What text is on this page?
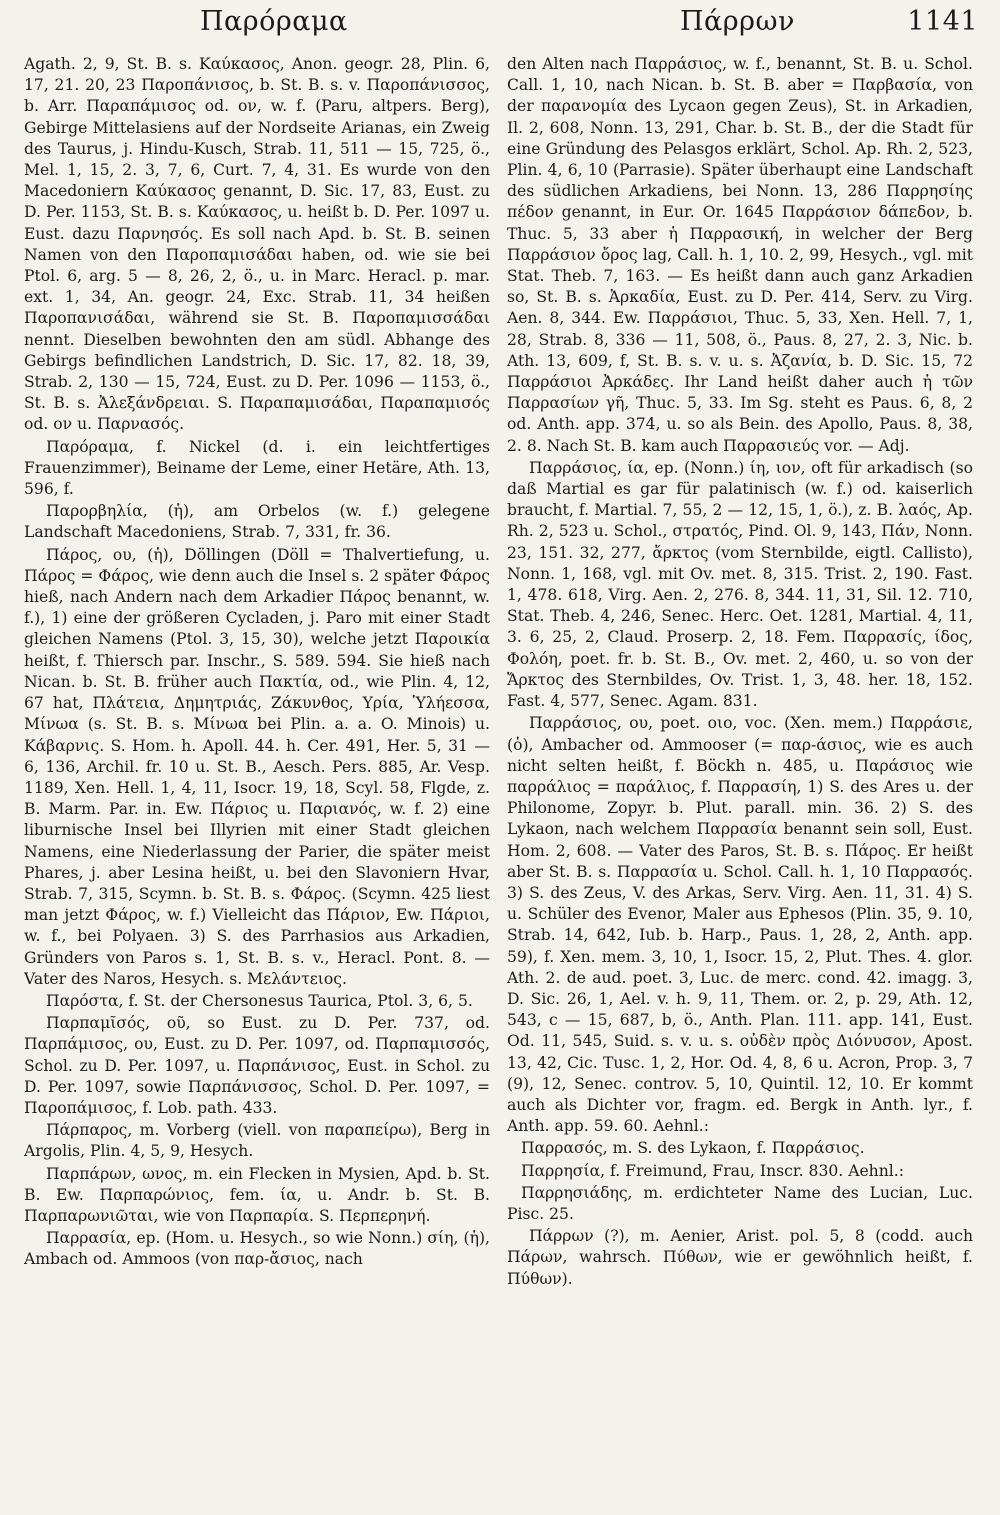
Παρόραμα	Πάρρων	1141

Agath. 2, 9, St. B. s. Καύκασος, Anon. geogr. 28, Plin. 6, 17, 21. 20, 23 Παροπάνισος, b. St. B. s. v. Παροπάνισσος, b. Arr. Παραπάμισος od. ον, w. f. (Paru, altpers. Berg), Gebirge Mittelasiens auf der Nordseite Arianas, ein Zweig des Taurus, j. Hindu-Kusch, Strab. 11, 511 — 15, 725, ö., Mel. 1, 15, 2. 3, 7, 6, Curt. 7, 4, 31. Es wurde von den Macedoniern Καύκασος genannt, D. Sic. 17, 83, Eust. zu D. Per. 1153, St. B. s. Καύκασος, u. heißt b. D. Per. 1097 u. Eust. dazu Παρνησός. Es soll nach Apd. b. St. B. seinen Namen von den Παροπαμισάδαι haben, od. wie sie bei Ptol. 6, arg. 5 — 8, 26, 2, ö., u. in Marc. Heracl. p. mar. ext. 1, 34, An. geogr. 24, Exc. Strab. 11, 34 heißen Παροπανισάδαι, während sie St. B. Παροπαμισσάδαι nennt. Dieselben bewohnten den am südl. Abhange des Gebirgs befindlichen Landstrich, D. Sic. 17, 82. 18, 39, Strab. 2, 130 — 15, 724, Eust. zu D. Per. 1096 — 1153, ö., St. B. s. Ἀλεξάνδρειαι. S. Παραπαμισάδαι, Παραπαμισός od. ον u. Παρνασός.

Παρόραμα, f. Nickel (d. i. ein leichtfertiges Frauenzimmer), Beiname der Leme, einer Hetäre, Ath. 13, 596, f.

Παρορβηλία, (ἡ), am Orbelos (w. f.) gelegene Landschaft Macedoniens, Strab. 7, 331, fr. 36.

Πάρος, ου, (ἡ), Döllingen (Döll = Thalvertiefung, u. Πάρος = Φάρος, wie denn auch die Insel s. 2 später Φάρος hieß, nach Andern nach dem Arkadier Πάρος benannt, w. f.), 1) eine der größeren Cycladen, j. Paro mit einer Stadt gleichen Namens (Ptol. 3, 15, 30), welche jetzt Παροικία heißt, f. Thiersch par. Inschr., S. 589. 594. Sie hieß nach Nican. b. St. B. früher auch Πακτία, od., wie Plin. 4, 12, 67 hat, Πλάτεια, Δημητριάς, Ζάκυνθος, Υρία, Ὑλήεσσα, Μίνωα (s. St. B. s. Μίνωα bei Plin. a. a. O. Minois) u. Κάβαρνις. S. Hom. h. Apoll. 44. h. Cer. 491, Her. 5, 31 — 6, 136, Archil. fr. 10 u. St. B., Aesch. Pers. 885, Ar. Vesp. 1189, Xen. Hell. 1, 4, 11, Isocr. 19, 18, Scyl. 58, Flgde, z. B. Marm. Par. in. Ew. Πάριος u. Παριανός, w. f. 2) eine liburnische Insel bei Illyrien mit einer Stadt gleichen Namens, eine Niederlassung der Parier, die später meist Phares, j. aber Lesina heißt, u. bei den Slavoniern Hvar, Strab. 7, 315, Scymn. b. St. B. s. Φάρος. (Scymn. 425 liest man jetzt Φάρος, w. f.) Vielleicht das Πάριον, Ew. Πάριοι, w. f., bei Polyaen. 3) S. des Parrhasios aus Arkadien, Gründers von Paros s. 1, St. B. s. v., Heracl. Pont. 8. — Vater des Naros, Hesych. s. Μελάντειος.

Παρόστα, f. St. der Chersonesus Taurica, Ptol. 3, 6, 5.

Παρπαμῖσός, οῦ, so Eust. zu D. Per. 737, od. Παρπάμισος, ου, Eust. zu D. Per. 1097, od. Παρπαμισσός, Schol. zu D. Per. 1097, u. Παρπάνισος, Eust. in Schol. zu D. Per. 1097, sowie Παρπάνισσος, Schol. D. Per. 1097, = Παροπάμισος, f. Lob. path. 433.

Πάρπαρος, m. Vorberg (viell. von παραπείρω), Berg in Argolis, Plin. 4, 5, 9, Hesych.

Παρπάρων, ωνος, m. ein Flecken in Mysien, Apd. b. St. B. Ew. Παρπαρώνιος, fem. ία, u. Andr. b. St. B. Παρπαρωνιῶται, wie von Παρπαρία. S. Περπερηνή.

Παρρασία, ep. (Hom. u. Hesych., so wie Nonn.) σίη, (ἡ), Ambach od. Ammoos (von παρ-ἄσιος, nach

den Alten nach Παρράσιος, w. f., benannt, St. B. u. Schol. Call. 1, 10, nach Nican. b. St. B. aber = Παρβασία, von der παρανομία des Lycaon gegen Zeus), St. in Arkadien, Il. 2, 608, Nonn. 13, 291, Char. b. St. B., der die Stadt für eine Gründung des Pelasgos erklärt, Schol. Ap. Rh. 2, 523, Plin. 4, 6, 10 (Parrasie). Später überhaupt eine Landschaft des südlichen Arkadiens, bei Nonn. 13, 286 Παρρησίης πέδον genannt, in Eur. Or. 1645 Παρράσιον δάπεδον, b. Thuc. 5, 33 aber ἡ Παρρασική, in welcher der Berg Παρράσιον ὄρος lag, Call. h. 1, 10. 2, 99, Hesych., vgl. mit Stat. Theb. 7, 163. — Es heißt dann auch ganz Arkadien so, St. B. s. Ἀρκαδία, Eust. zu D. Per. 414, Serv. zu Virg. Aen. 8, 344. Ew. Παρράσιοι, Thuc. 5, 33, Xen. Hell. 7, 1, 28, Strab. 8, 336 — 11, 508, ö., Paus. 8, 27, 2. 3, Nic. b. Ath. 13, 609, f, St. B. s. v. u. s. Ἀζανία, b. D. Sic. 15, 72 Παρράσιοι Ἀρκάδες. Ihr Land heißt daher auch ἡ τῶν Παρρασίων γῆ, Thuc. 5, 33. Im Sg. steht es Paus. 6, 8, 2 od. Anth. app. 374, u. so als Bein. des Apollo, Paus. 8, 38, 2. 8. Nach St. B. kam auch Παρρασιεύς vor. — Adj.

Παρράσιος, ία, ep. (Nonn.) ίη, ιον, oft für arkadisch (so daß Martial es gar für palatinisch (w. f.) od. kaiserlich braucht, f. Martial. 7, 55, 2 — 12, 15, 1, ö.), z. B. λαός, Ap. Rh. 2, 523 u. Schol., στρατός, Pind. Ol. 9, 143, Πάν, Nonn. 23, 151. 32, 277, ἄρκτος (vom Sternbilde, eigtl. Callisto), Nonn. 1, 168, vgl. mit Ov. met. 8, 315. Trist. 2, 190. Fast. 1, 478. 618, Virg. Aen. 2, 276. 8, 344. 11, 31, Sil. 12. 710, Stat. Theb. 4, 246, Senec. Herc. Oet. 1281, Martial. 4, 11, 3. 6, 25, 2, Claud. Proserp. 2, 18. Fem. Παρρασίς, ίδος, Φολόη, poet. fr. b. St. B., Ov. met. 2, 460, u. so von der Ἄρκτος des Sternbildes, Ov. Trist. 1, 3, 48. her. 18, 152. Fast. 4, 577, Senec. Agam. 831.

Παρράσιος, ου, poet. οιο, voc. (Xen. mem.) Παρράσιε, (ὁ), Ambacher od. Ammooser (= παρ-άσιος, wie es auch nicht selten heißt, f. Böckh n. 485, u. Παράσιος wie παρράλιος = παράλιος, f. Παρρασίη, 1) S. des Ares u. der Philonome, Zopyr. b. Plut. parall. min. 36. 2) S. des Lykaon, nach welchem Παρρασία benannt sein soll, Eust. Hom. 2, 608. — Vater des Paros, St. B. s. Πάρος. Er heißt aber St. B. s. Παρρασία u. Schol. Call. h. 1, 10 Παρρασός. 3) S. des Zeus, V. des Arkas, Serv. Virg. Aen. 11, 31. 4) S. u. Schüler des Evenor, Maler aus Ephesos (Plin. 35, 9. 10, Strab. 14, 642, Iub. b. Harp., Paus. 1, 28, 2, Anth. app. 59), f. Xen. mem. 3, 10, 1, Isocr. 15, 2, Plut. Thes. 4. glor. Ath. 2. de aud. poet. 3, Luc. de merc. cond. 42. imagg. 3, D. Sic. 26, 1, Ael. v. h. 9, 11, Them. or. 2, p. 29, Ath. 12, 543, c — 15, 687, b, ö., Anth. Plan. 111. app. 141, Eust. Od. 11, 545, Suid. s. v. u. s. οὐδὲν πρὸς Διόνυσον, Apost. 13, 42, Cic. Tusc. 1, 2, Hor. Od. 4, 8, 6 u. Acron, Prop. 3, 7 (9), 12, Senec. controv. 5, 10, Quintil. 12, 10. Er kommt auch als Dichter vor, fragm. ed. Bergk in Anth. lyr., f. Anth. app. 59. 60. Aehnl.:

Παρρασός, m. S. des Lykaon, f. Παρράσιος.

Παρρησία, f. Freimund, Frau, Inscr. 830. Aehnl.:

Παρρησιάδης, m. erdichteter Name des Lucian, Luc. Pisc. 25.

Πάρρων (?), m. Aenier, Arist. pol. 5, 8 (codd. auch Πάρων, wahrsch. Πύθων, wie er gewöhnlich heißt, f. Πύθων).
